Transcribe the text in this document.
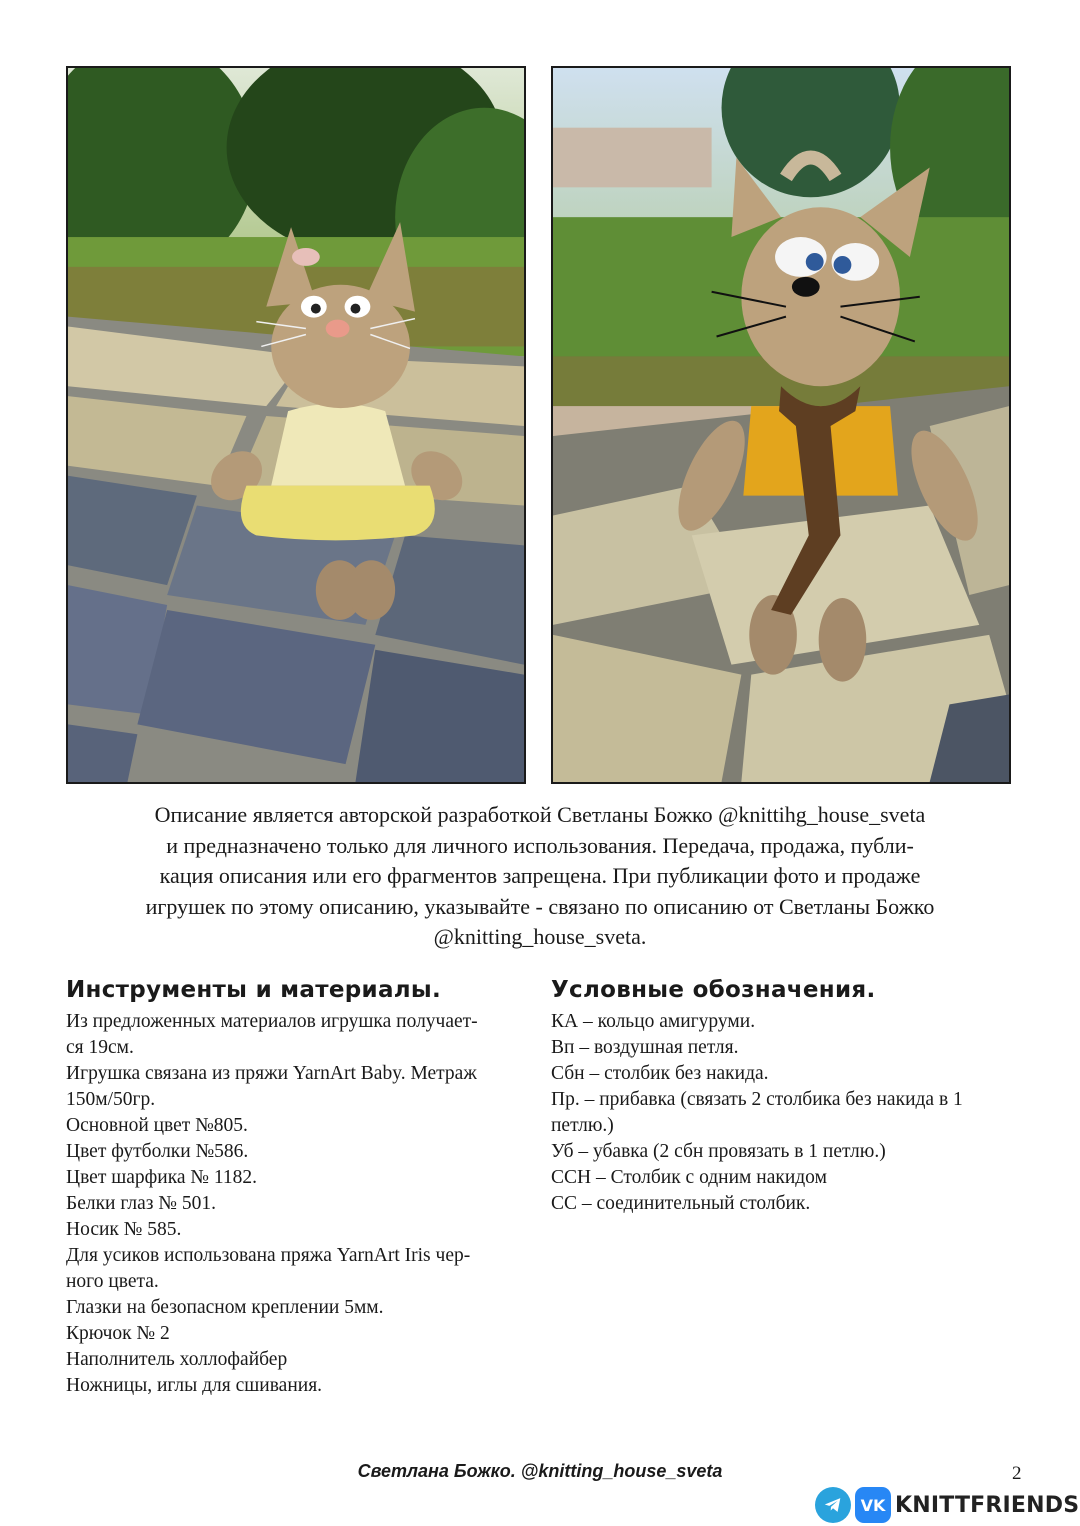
Описание является авторской разработкой Светланы Божко @knittihg_house_sveta
и предназначено только для личного использования. Передача, продажа, публи-
кация описания или его фрагментов запрещена. При публикации фото и продаже
игрушек по этому описанию, указывайте - связано по описанию от Светланы Божко
@knitting_house_sveta.
Инструменты и материалы.
Из предложенных материалов игрушка получает-
ся 19см.
Игрушка связана из пряжи YarnArt Baby. Метраж
150м/50гр.
Основной цвет №805.
Цвет футболки №586.
Цвет шарфика № 1182.
Белки глаз № 501.
Носик № 585.
Для усиков использована пряжа YarnArt Iris чер-
ного цвета.
Глазки на безопасном креплении 5мм.
Крючок № 2
Наполнитель холлофайбер
Ножницы, иглы для сшивания.
Условные обозначения.
КА – кольцо амигуруми.
Вп – воздушная петля.
Сбн – столбик без накида.
Пр. – прибавка (связать 2 столбика без накида в 1
петлю.)
Уб – убавка (2 сбн провязать в 1 петлю.)
ССН – Столбик с одним накидом
СС – соединительный столбик.
Светлана Божко. @knitting_house_sveta	2
VK KNITTFRIENDS
